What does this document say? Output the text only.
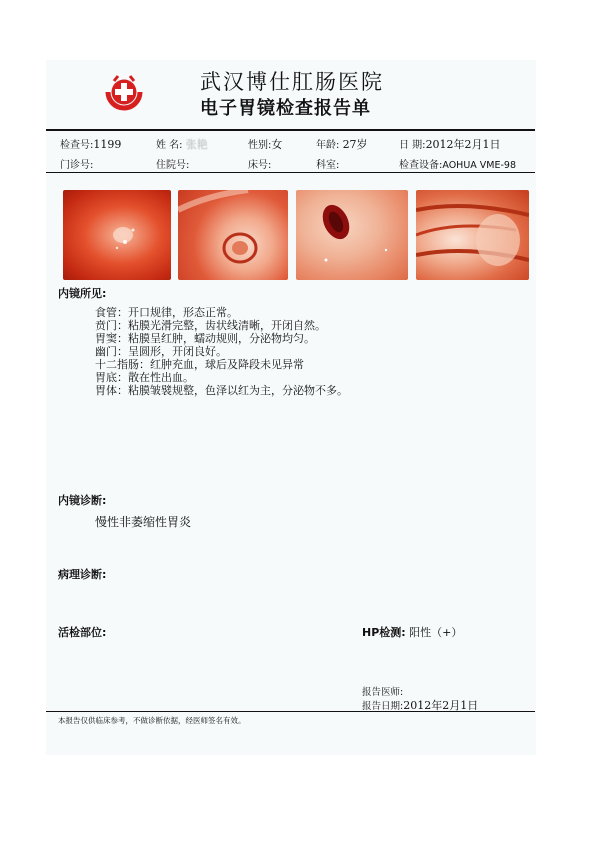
武汉博仕肛肠医院
电子胃镜检查报告单
检查号:1199	姓 名: 张艳	性别:女	年龄: 27岁	日 期:2012年2月1日
门诊号:	住院号:	床号:	科室:	检查设备:AOHUA VME-98
内镜所见:
食管：开口规律，形态正常。
贲门：粘膜光滑完整，齿状线清晰，开闭自然。
胃窦：粘膜呈红肿，蠕动规则，分泌物均匀。
幽门：呈圆形，开闭良好。
十二指肠：红肿充血，球后及降段未见异常
胃底：散在性出血。
胃体：粘膜皱襞规整，色泽以红为主，分泌物不多。
内镜诊断:
慢性非萎缩性胃炎
病理诊断:
活检部位:	HP检测: 阳性（+）
报告医师:
报告日期:2012年2月1日
本报告仅供临床参考，不做诊断依据，经医师签名有效。
